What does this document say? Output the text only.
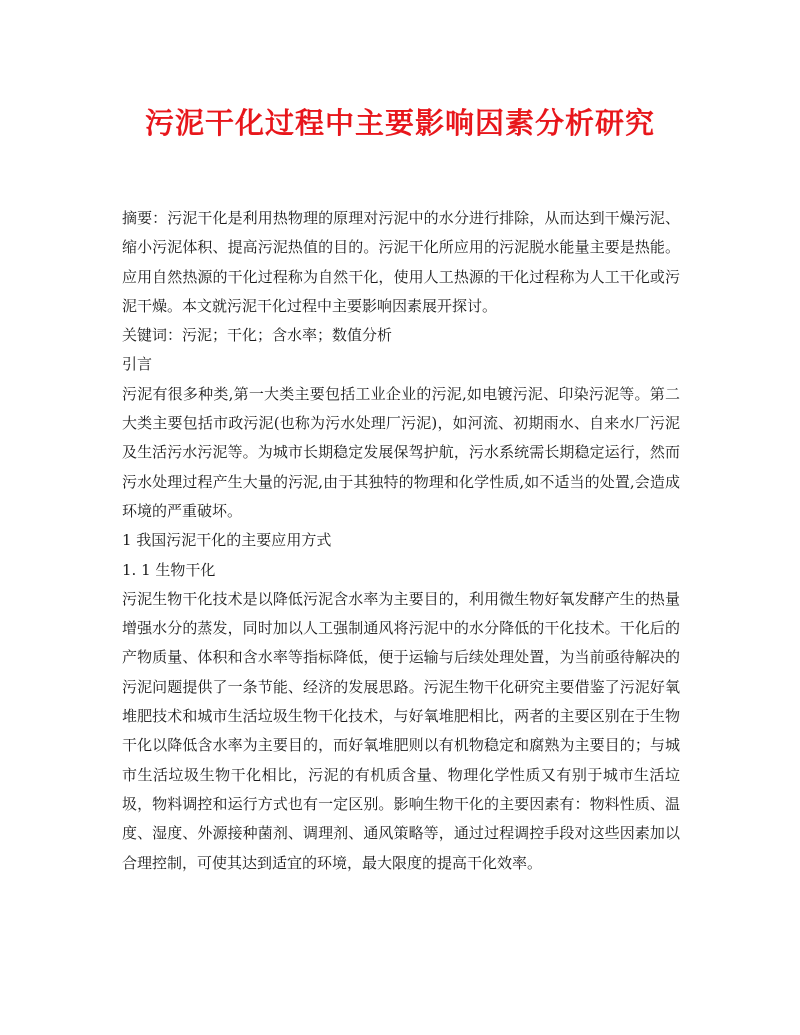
污泥干化过程中主要影响因素分析研究

摘要：污泥干化是利用热物理的原理对污泥中的水分进行排除，从而达到干燥污泥、缩小污泥体积、提高污泥热值的目的。污泥干化所应用的污泥脱水能量主要是热能。应用自然热源的干化过程称为自然干化，使用人工热源的干化过程称为人工干化或污泥干燥。本文就污泥干化过程中主要影响因素展开探讨。

关键词：污泥；干化；含水率；数值分析

引言

污泥有很多种类,第一大类主要包括工业企业的污泥,如电镀污泥、印染污泥等。第二大类主要包括市政污泥(也称为污水处理厂污泥)，如河流、初期雨水、自来水厂污泥及生活污水污泥等。为城市长期稳定发展保驾护航，污水系统需长期稳定运行，然而污水处理过程产生大量的污泥,由于其独特的物理和化学性质,如不适当的处置,会造成环境的严重破坏。

1 我国污泥干化的主要应用方式

1. 1 生物干化

污泥生物干化技术是以降低污泥含水率为主要目的，利用微生物好氧发酵产生的热量增强水分的蒸发，同时加以人工强制通风将污泥中的水分降低的干化技术。干化后的产物质量、体积和含水率等指标降低，便于运输与后续处理处置，为当前亟待解决的污泥问题提供了一条节能、经济的发展思路。污泥生物干化研究主要借鉴了污泥好氧堆肥技术和城市生活垃圾生物干化技术，与好氧堆肥相比，两者的主要区别在于生物干化以降低含水率为主要目的，而好氧堆肥则以有机物稳定和腐熟为主要目的；与城市生活垃圾生物干化相比，污泥的有机质含量、物理化学性质又有别于城市生活垃圾，物料调控和运行方式也有一定区别。影响生物干化的主要因素有：物料性质、温度、湿度、外源接种菌剂、调理剂、通风策略等，通过过程调控手段对这些因素加以合理控制，可使其达到适宜的环境，最大限度的提高干化效率。
